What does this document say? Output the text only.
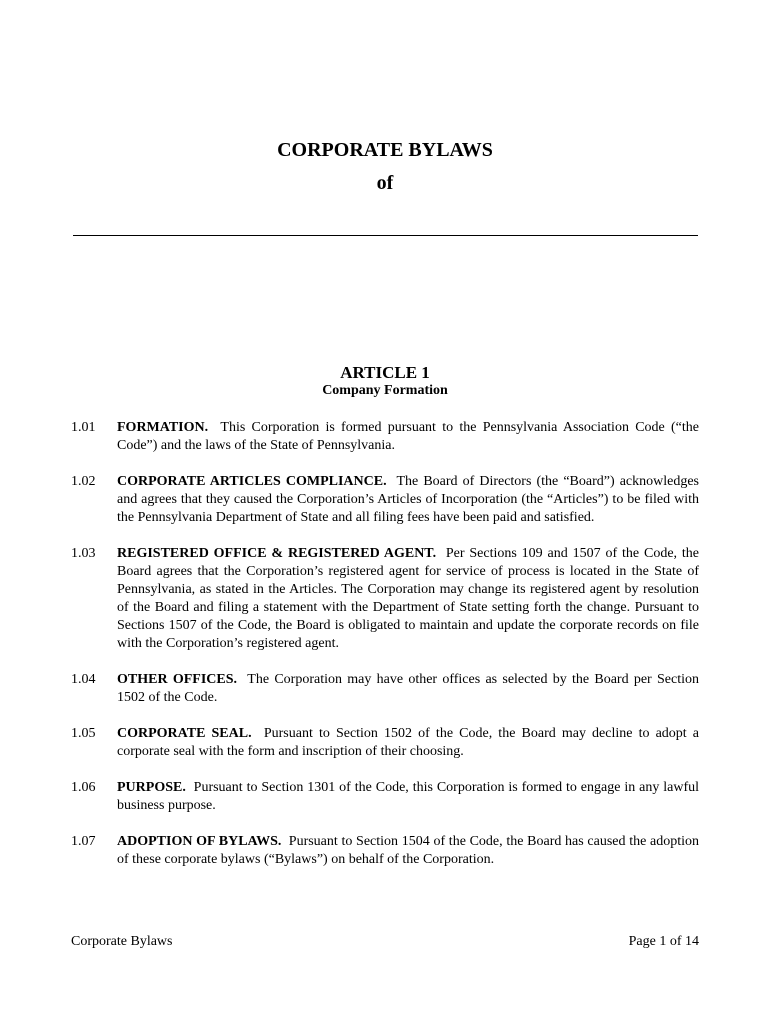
CORPORATE BYLAWS
of
ARTICLE 1
Company Formation
1.01	FORMATION. This Corporation is formed pursuant to the Pennsylvania Association Code (“the Code”) and the laws of the State of Pennsylvania.
1.02	CORPORATE ARTICLES COMPLIANCE. The Board of Directors (the “Board”) acknowledges and agrees that they caused the Corporation’s Articles of Incorporation (the “Articles”) to be filed with the Pennsylvania Department of State and all filing fees have been paid and satisfied.
1.03	REGISTERED OFFICE & REGISTERED AGENT. Per Sections 109 and 1507 of the Code, the Board agrees that the Corporation’s registered agent for service of process is located in the State of Pennsylvania, as stated in the Articles. The Corporation may change its registered agent by resolution of the Board and filing a statement with the Department of State setting forth the change. Pursuant to Sections 1507 of the Code, the Board is obligated to maintain and update the corporate records on file with the Corporation’s registered agent.
1.04	OTHER OFFICES. The Corporation may have other offices as selected by the Board per Section 1502 of the Code.
1.05	CORPORATE SEAL. Pursuant to Section 1502 of the Code, the Board may decline to adopt a corporate seal with the form and inscription of their choosing.
1.06	PURPOSE. Pursuant to Section 1301 of the Code, this Corporation is formed to engage in any lawful business purpose.
1.07	ADOPTION OF BYLAWS. Pursuant to Section 1504 of the Code, the Board has caused the adoption of these corporate bylaws (“Bylaws”) on behalf of the Corporation.
Corporate Bylaws	Page 1 of 14
